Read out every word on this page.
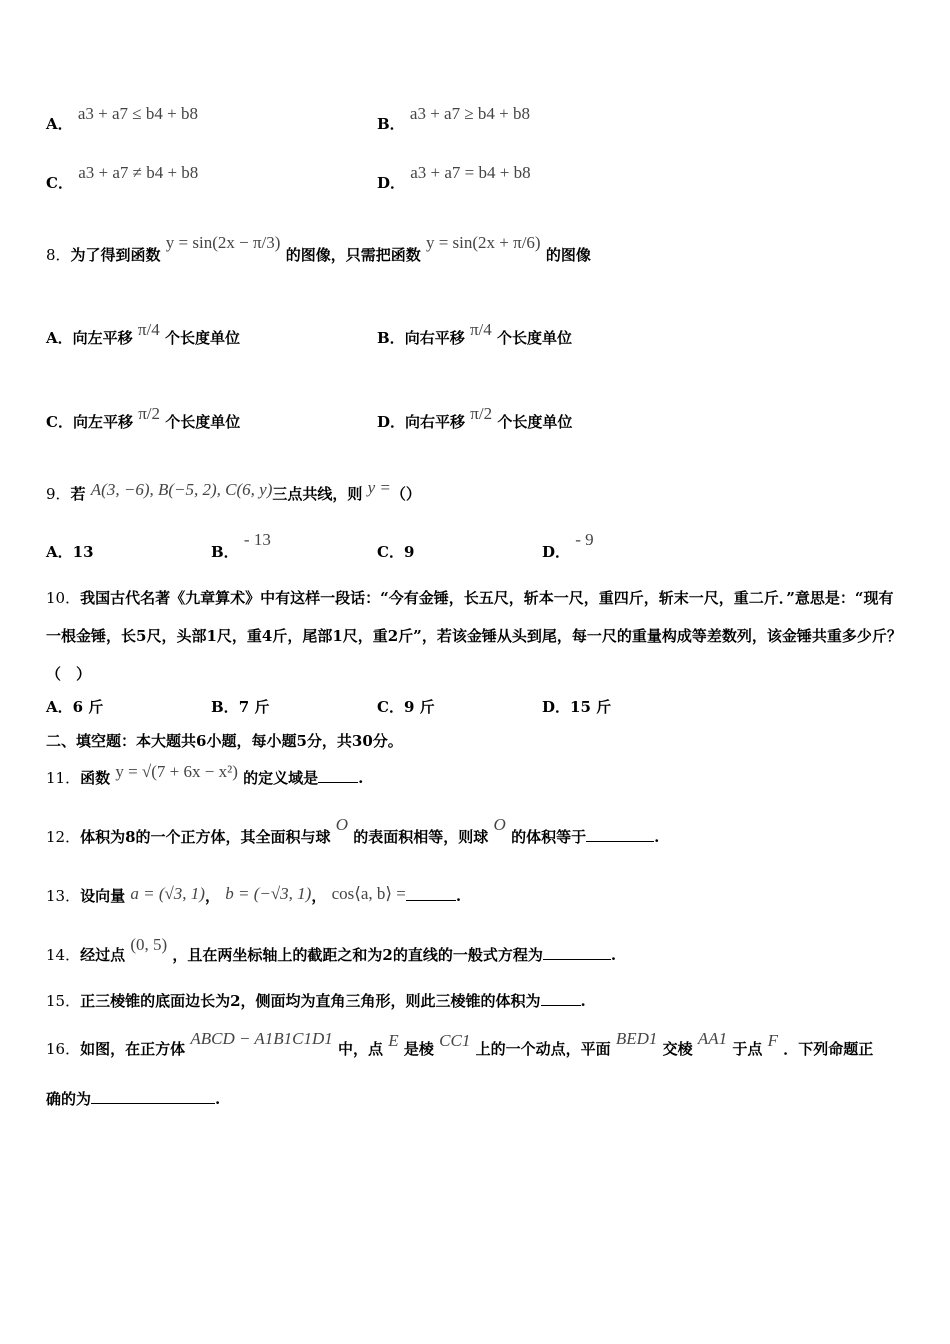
A． a3 + a7 ≤ b4 + b8
B． a3 + a7 ≥ b4 + b8
C． a3 + a7 ≠ b4 + b8
D． a3 + a7 = b4 + b8
8．为了得到函数 y = sin(2x − π/3) 的图像，只需把函数 y = sin(2x + π/6) 的图像
A．向左平移 π/4 个长度单位	B．向右平移 π/4 个长度单位
C．向左平移 π/2 个长度单位	D．向右平移 π/2 个长度单位
9．若 A(3, −6), B(−5, 2), C(6, y)三点共线，则 y =（）
A．13	B． - 13
C．9	D． - 9
10．我国古代名著《九章算术》中有这样一段话：“今有金锤，长五尺，斩本一尺，重四斤，斩末一尺，重二斤．”意思是：“现有一根金锤，长5尺，头部1尺，重4斤，尾部1尺，重2斤”，若该金锤从头到尾，每一尺的重量构成等差数列，该金锤共重多少斤？（　）
A．6 斤	B．7 斤	C．9 斤	D．15 斤
二、填空题：本大题共6小题，每小题5分，共30分。
11．函数 y = √(7 + 6x − x²) 的定义域是	.
12．体积为8的一个正方体，其全面积与球 O 的表面积相等，则球 O 的体积等于	.
13．设向量 a = (√3, 1)， b = (−√3, 1)， cos⟨a, b⟩ =	.
14．经过点 (0, 5) ，且在两坐标轴上的截距之和为2的直线的一般式方程为	.
15．正三棱锥的底面边长为2，侧面均为直角三角形，则此三棱锥的体积为	.
16．如图，在正方体 ABCD − A1B1C1D1 中，点 E 是棱 CC1 上的一个动点，平面 BED1 交棱 AA1 于点 F ．下列命题正
确的为	.
